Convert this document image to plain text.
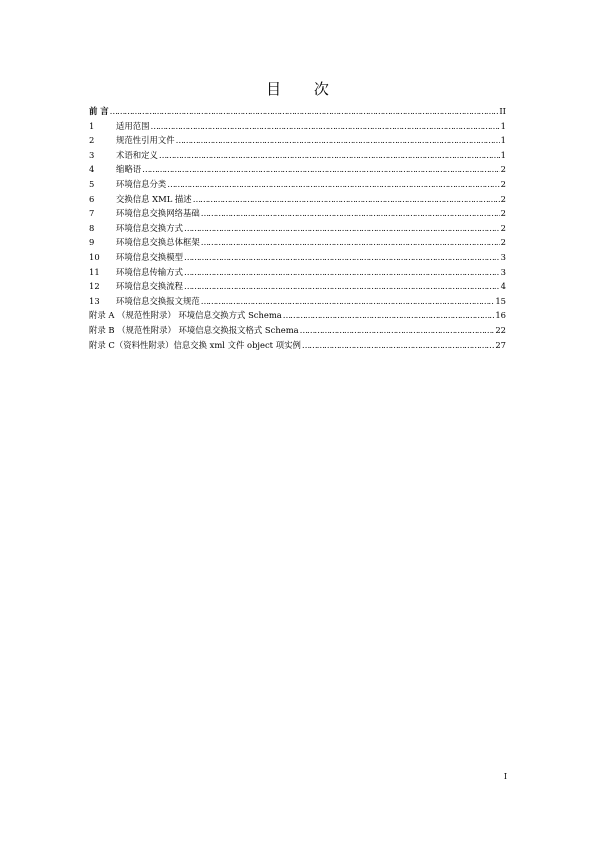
目 次
前 言 ……………………………………………………………………………………………………………………………………………………………………………	II
1	适用范围 ……………………………………………………………………………………………………………………………………………………………………………	1
2	规范性引用文件 ……………………………………………………………………………………………………………………………………………………………………………	1
3	术语和定义 ……………………………………………………………………………………………………………………………………………………………………………	1
4	缩略语 ……………………………………………………………………………………………………………………………………………………………………………	2
5	环境信息分类 ……………………………………………………………………………………………………………………………………………………………………………	2
6	交换信息 XML 描述 ……………………………………………………………………………………………………………………………………………………………………………	2
7	环境信息交换网络基础 ……………………………………………………………………………………………………………………………………………………………………………	2
8	环境信息交换方式 ……………………………………………………………………………………………………………………………………………………………………………	2
9	环境信息交换总体框架 ……………………………………………………………………………………………………………………………………………………………………………	2
10	环境信息交换模型 ……………………………………………………………………………………………………………………………………………………………………………	3
11	环境信息传输方式 ……………………………………………………………………………………………………………………………………………………………………………	3
12	环境信息交换流程 ……………………………………………………………………………………………………………………………………………………………………………	4
13	环境信息交换报文规范 ……………………………………………………………………………………………………………………………………………………………………………	15
附录 A （规范性附录） 环境信息交换方式 Schema ……………………………………………………………………………………………………………………………………………………………………………	16
附录 B （规范性附录） 环境信息交换报文格式 Schema ……………………………………………………………………………………………………………………………………………………………………………	22
附录 C（资料性附录）信息交换 xml 文件 object 项实例 ……………………………………………………………………………………………………………………………………………………………………………	27
I
